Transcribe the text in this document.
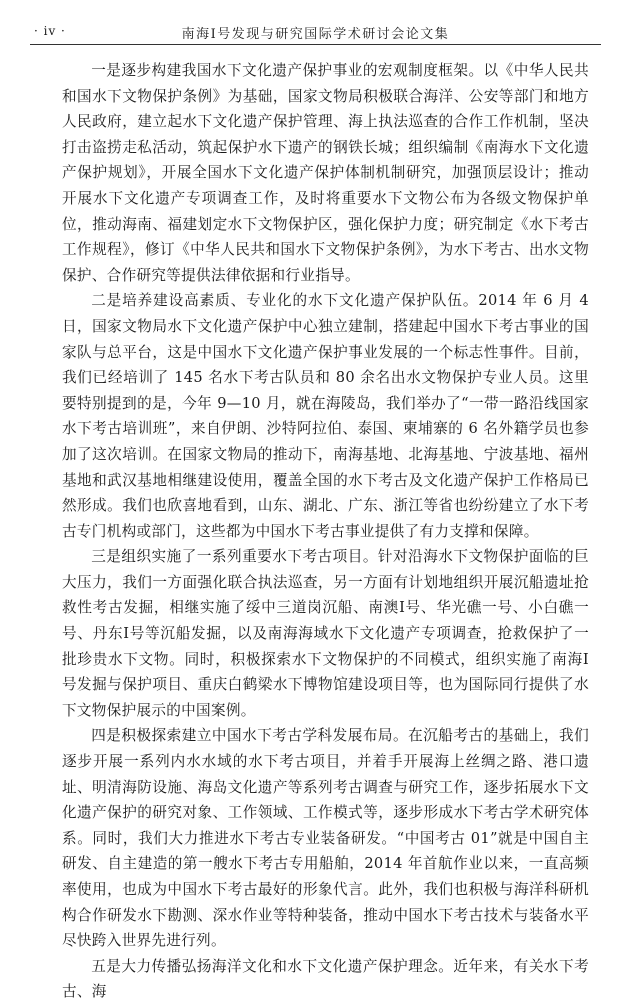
· iv ·	南海Ⅰ号发现与研究国际学术研讨会论文集

一是逐步构建我国水下文化遗产保护事业的宏观制度框架。以《中华人民共和国水下文物保护条例》为基础，国家文物局积极联合海洋、公安等部门和地方人民政府，建立起水下文化遗产保护管理、海上执法巡查的合作工作机制，坚决打击盗捞走私活动，筑起保护水下遗产的钢铁长城；组织编制《南海水下文化遗产保护规划》，开展全国水下文化遗产保护体制机制研究，加强顶层设计；推动开展水下文化遗产专项调查工作，及时将重要水下文物公布为各级文物保护单位，推动海南、福建划定水下文物保护区，强化保护力度；研究制定《水下考古工作规程》，修订《中华人民共和国水下文物保护条例》，为水下考古、出水文物保护、合作研究等提供法律依据和行业指导。

二是培养建设高素质、专业化的水下文化遗产保护队伍。2014 年 6 月 4 日，国家文物局水下文化遗产保护中心独立建制，搭建起中国水下考古事业的国家队与总平台，这是中国水下文化遗产保护事业发展的一个标志性事件。目前，我们已经培训了 145 名水下考古队员和 80 余名出水文物保护专业人员。这里要特别提到的是，今年 9—10 月，就在海陵岛，我们举办了“一带一路沿线国家水下考古培训班”，来自伊朗、沙特阿拉伯、泰国、柬埔寨的 6 名外籍学员也参加了这次培训。在国家文物局的推动下，南海基地、北海基地、宁波基地、福州基地和武汉基地相继建设使用，覆盖全国的水下考古及文化遗产保护工作格局已然形成。我们也欣喜地看到，山东、湖北、广东、浙江等省也纷纷建立了水下考古专门机构或部门，这些都为中国水下考古事业提供了有力支撑和保障。

三是组织实施了一系列重要水下考古项目。针对沿海水下文物保护面临的巨大压力，我们一方面强化联合执法巡查，另一方面有计划地组织开展沉船遗址抢救性考古发掘，相继实施了绥中三道岗沉船、南澳Ⅰ号、华光礁一号、小白礁一号、丹东Ⅰ号等沉船发掘，以及南海海域水下文化遗产专项调查，抢救保护了一批珍贵水下文物。同时，积极探索水下文物保护的不同模式，组织实施了南海Ⅰ号发掘与保护项目、重庆白鹤梁水下博物馆建设项目等，也为国际同行提供了水下文物保护展示的中国案例。

四是积极探索建立中国水下考古学科发展布局。在沉船考古的基础上，我们逐步开展一系列内水水域的水下考古项目，并着手开展海上丝绸之路、港口遗址、明清海防设施、海岛文化遗产等系列考古调查与研究工作，逐步拓展水下文化遗产保护的研究对象、工作领域、工作模式等，逐步形成水下考古学术研究体系。同时，我们大力推进水下考古专业装备研发。“中国考古 01”就是中国自主研发、自主建造的第一艘水下考古专用船舶，2014 年首航作业以来，一直高频率使用，也成为中国水下考古最好的形象代言。此外，我们也积极与海洋科研机构合作研发水下勘测、深水作业等特种装备，推动中国水下考古技术与装备水平尽快跨入世界先进行列。

五是大力传播弘扬海洋文化和水下文化遗产保护理念。近年来，有关水下考古、海
